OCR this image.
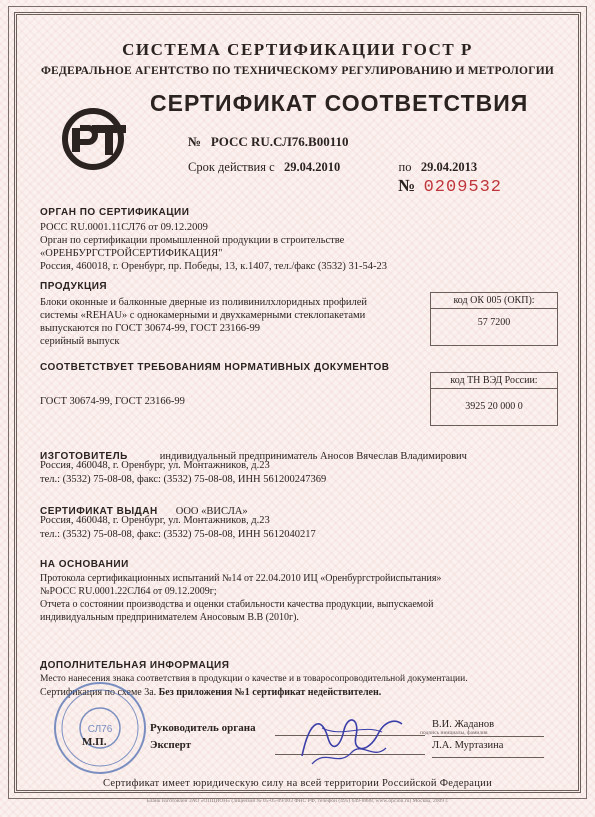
СИСТЕМА СЕРТИФИКАЦИИ ГОСТ Р
ФЕДЕРАЛЬНОЕ АГЕНТСТВО ПО ТЕХНИЧЕСКОМУ РЕГУЛИРОВАНИЮ И МЕТРОЛОГИИ
СЕРТИФИКАТ СООТВЕТСТВИЯ
№ РОСС RU.СЛ76.В00110
Срок действия с 29.04.2010	по 29.04.2013
№ 0209532
ОРГАН ПО СЕРТИФИКАЦИИ
РОСС RU.0001.11СЛ76 от 09.12.2009
Орган по сертификации промышленной продукции в строительстве
«ОРЕНБУРГСТРОЙСЕРТИФИКАЦИЯ"
Россия, 460018, г. Оренбург, пр. Победы, 13, к.1407, тел./факс (3532) 31-54-23
ПРОДУКЦИЯ
Блоки оконные и балконные дверные из поливинилхлоридных профилей
системы «REHAU» с однокамерными и двухкамерными стеклопакетами
выпускаются по ГОСТ 30674-99, ГОСТ 23166-99
серийный выпуск
код ОК 005 (ОКП):
57 7200
СООТВЕТСТВУЕТ ТРЕБОВАНИЯМ НОРМАТИВНЫХ ДОКУМЕНТОВ
ГОСТ 30674-99, ГОСТ 23166-99
код ТН ВЭД России:
3925 20 000 0
ИЗГОТОВИТЕЛЬ	индивидуальный предприниматель Аносов Вячеслав Владимирович
Россия, 460048, г. Оренбург, ул. Монтажников, д.23
тел.: (3532) 75-08-08, факс: (3532) 75-08-08, ИНН 561200247369
СЕРТИФИКАТ ВЫДАН ООО «ВИСЛА»
Россия, 460048, г. Оренбург, ул. Монтажников, д.23
тел.: (3532) 75-08-08, факс: (3532) 75-08-08, ИНН 5612040217
НА ОСНОВАНИИ
Протокола сертификационных испытаний №14 от 22.04.2010 ИЦ «Оренбургстройиспытания»
№РОСС RU.0001.22СЛ64 от 09.12.2009г;
Отчета о состоянии производства и оценки стабильности качества продукции, выпускаемой
индивидуальным предпринимателем Аносовым В.В (2010г).
ДОПОЛНИТЕЛЬНАЯ ИНФОРМАЦИЯ
Место нанесения знака соответствия в продукции о качестве и в товаросопроводительной документации.
Сертификация по схеме 3а. Без приложения №1 сертификат недействителен.
СЛ76
М.П.
Руководитель органа
Эксперт
В.И. Жаданов
Л.А. Муртазина
подпись инициалы, фамилия
Сертификат имеет юридическую силу на всей территории Российской Федерации
Бланк изготовлен ЗАО «ОПЦИОН» (лицензия № 05-05-09/003 ФНС РФ, телефон (495) 649-8888, www.opcion.ru) Москва, 2009 г.
